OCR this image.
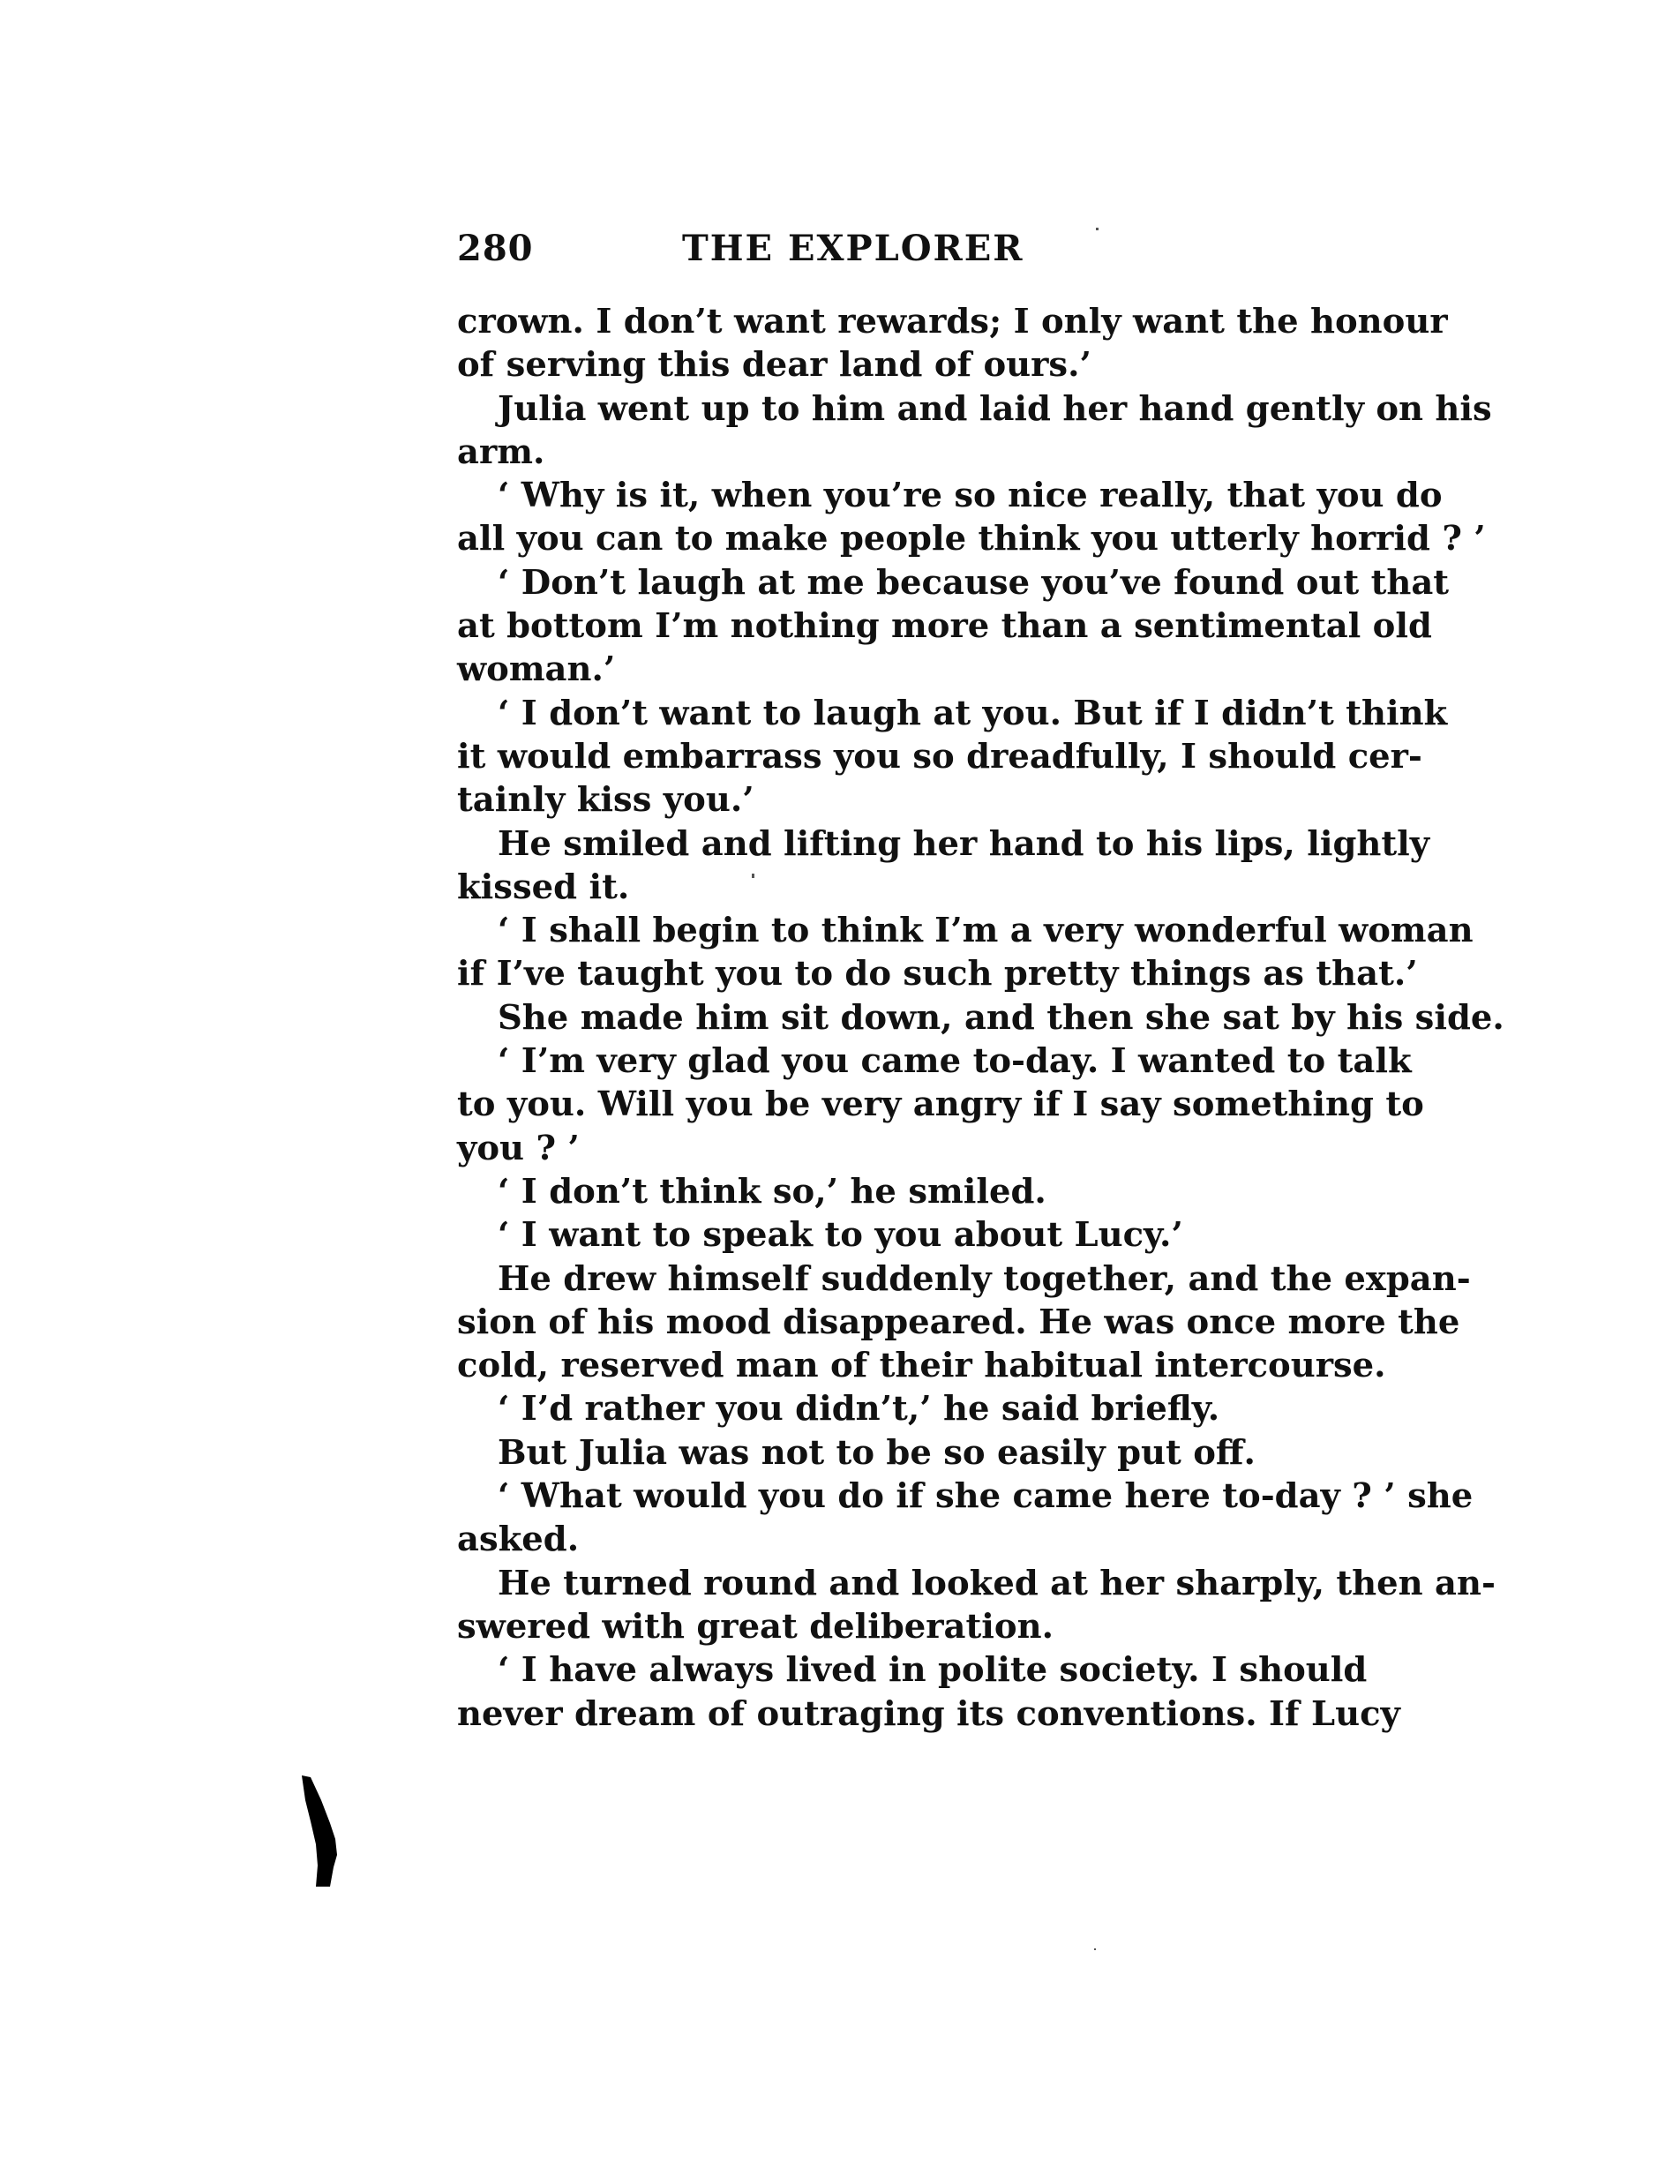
280	THE EXPLORER
crown. I don’t want rewards; I only want the honour
of serving this dear land of ours.’
Julia went up to him and laid her hand gently on his
arm.
‘ Why is it, when you’re so nice really, that you do
all you can to make people think you utterly horrid ? ’
‘ Don’t laugh at me because you’ve found out that
at bottom I’m nothing more than a sentimental old
woman.’
‘ I don’t want to laugh at you. But if I didn’t think
it would embarrass you so dreadfully, I should cer-
tainly kiss you.’
He smiled and lifting her hand to his lips, lightly
kissed it.
‘ I shall begin to think I’m a very wonderful woman
if I’ve taught you to do such pretty things as that.’
She made him sit down, and then she sat by his side.
‘ I’m very glad you came to-day. I wanted to talk
to you. Will you be very angry if I say something to
you ? ’
‘ I don’t think so,’ he smiled.
‘ I want to speak to you about Lucy.’
He drew himself suddenly together, and the expan-
sion of his mood disappeared. He was once more the
cold, reserved man of their habitual intercourse.
‘ I’d rather you didn’t,’ he said briefly.
But Julia was not to be so easily put off.
‘ What would you do if she came here to-day ? ’ she
asked.
He turned round and looked at her sharply, then an-
swered with great deliberation.
‘ I have always lived in polite society. I should
never dream of outraging its conventions. If Lucy
